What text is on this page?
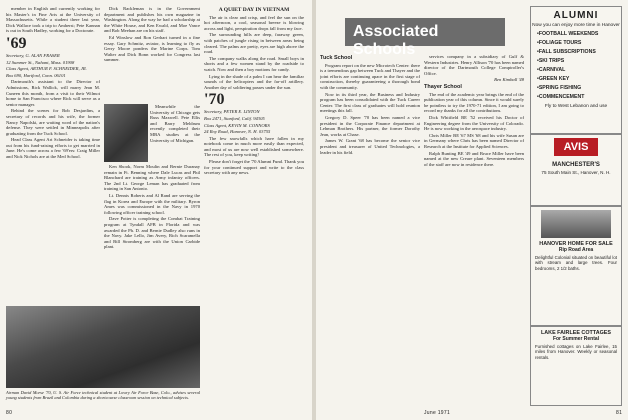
member in English and currently working for his Master's in Fine Arts at the University of Massachusetts. While a student there last year, Dick Wallace took a trip to Amherst; Pete Kannan is out in South Hadley, working for a Doctorate.

'69

Secretary, G. ALAN FRASER

12 Summer St., Nahant, Mass. 01908

Class Agent, ARTHUR F. SCHNEIDER, JR.

Box 690, Hartford, Conn. 06101

Dartmouth's assistant to the Director of Admissions, Rick Wallick, will marry Jean M. Cuneen this month, from a visit to their Wilmot home to San Francisco where Rick will serve as a senior manager.

Behind the scenes for Bob Desjardins, a secretary of records and his wife, the former Nancy Napolski, are waiting word of the nation's defense. They were settled in Minneapolis after graduating from the Tuck School.

Head Class Agent Art Schneider is taking time out from his fund-raising efforts to get married in June. He's come across a few '69'ers: Craig Miller and Nick Nichols are at the Med School.

Dick Rackleman is in the Government department and publishes his own magazine in Washington. Along the way he had a scholarship at the White House, and Ken Ewald, and Moe Vance and Bob Meehan are on his staff.

Ed Winslow and Ron Gerhart turned in a fine essay. Gary Schmitz, aviator, is learning to fly as Gerry Moore ponders the Marine Corps. Tom Walter and Dick Bonn worked for Congress last summer.

Meanwhile the University of Chicago gets Russ Maxwell. Pete Ellis and Barry Meldrum recently completed their MBA studies at the University of Michigan.

Ken Shook, Norm Moulin and Bernie Duranay remain in Ft. Benning where Dale Lucas and Phil Blanchard are training as Army infantry officers. The 2nd Lt. George Leman has graduated from training in San Antonio.

Lt. Dennis Roberts and Al Rand are serving the flag in Korea and Europe with the military. Byron Ames was commissioned in the Navy in 1970 following officer training school.

Dave Potter is completing the Combat Training program at Tyndall AFB in Florida and was awarded the Ph. D. and Bernie Dudley also runs in the Navy. Jake Lello, Jim Avery, Rich Scaramella and Bill Stromberg are with the Union Carbide plant.

A QUIET DAY IN VIETNAM

The air is clear and crisp, and feel the sun on the hot afternoon, a cool, seasonal breeze is blowing across and light, perspiration drops fall from my face.

The surrounding hills are deep, faraway green, with patches of jungle rising in between areas being cleared. The palms are pretty, eyes are high above the road.

The company walks along the road. Small boys in shorts and a few women stand by the roadside to watch. Now and then a boy motions for candy.

Lying in the shade of a palm I can hear the familiar sounds of the helicopters and the far-off artillery. Another day of soldiering passes under the sun.

'70

Secretary, PETER E. LINTON

Box 2471, Stanford, Calif. 94305

Class Agent, KEVIN M. CONNORS

24 Roy Road, Hanover, N. H. 03755

The few snowfalls which have fallen in my notebook come in much more easily than expected, and most of us are now well established somewhere. The rest of you, keep writing!

Please don't forget the '70 Alumni Fund. Thank you for your continued support and write to the class secretary with any news.

Airman David Morse '70, U. S. Air Force technical student at Lowry Air Force Base, Colo., advises several young students from Brazil and Colombia during a shortcourse classroom session on technical subjects.
80

Tuck School

Program report on the new Microtech Center: there is a tremendous gap between Tuck and Thayer and the joint efforts are continuing apace in the first stage of construction, thereby guaranteeing a thorough bond with the community.

Now in its third year, the Business and Industry program has been consolidated with the Tuck Career Center. The first class of graduates will hold reunion meetings this fall.

Gregory D. Speer '70 has been named a vice president in the Corporate Finance department at Lehman Brothers. His partner, the former Dorothy Jean, works at Chase.

James W. Grant '68 has become the senior vice president and treasurer of United Technologies, a leader in his field.

services company in a subsidiary of Gulf & Western Industries. Henry Allison '70 has been named director of the Dartmouth College Comptroller's Office.

Ben Kimball '48

Thayer School

The end of the academic year brings the end of the publication year of this column. Since it would surely be pointless to try the 1970-71 edition, I am going to record my thanks for all the contributions.

Dick Whitfield BE '52 received his Doctor of Engineering degree from the University of Colorado. He is now working in the aerospace industry.

Chris Miller BE '67 MS '68 and his wife Susan are in Germany where Chris has been named Director of Research at the Institute for Applied Sciences.

Ralph Bunting BE '49 and Bruce Miller have been named at the new Creare plant. Seventeen members of the staff are now in residence there.

June 1971	81
Associated Schools
ALUMNI
Now you can enjoy more time in Hanover
• FOOTBALL WEEKENDS
• FOLIAGE TOURS
• FALL SUBSCRIPTIONS
• SKI TRIPS
• CARNIVAL
• GREEN KEY
• SPRING FISHING
• COMMENCEMENT
Fly to West Lebanon and use
AVIS
MANCHESTER'S
75 South Main St., Hanover, N. H.
HANOVER HOME FOR SALE
Rip Road Area
Delightful Colonial situated on beautiful lot with stream and large trees. Four bedrooms, 2 1/2 baths.
LAKE FAIRLEE COTTAGES
For Summer Rental
Furnished cottages on Lake Fairlee, 15 miles from Hanover. Weekly or seasonal rentals.
